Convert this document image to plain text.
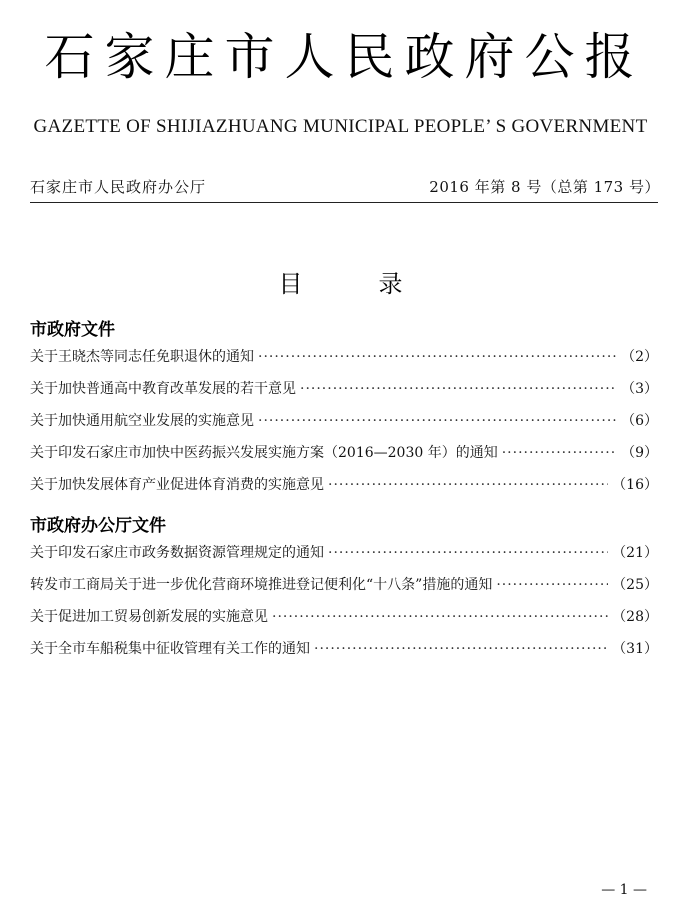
石家庄市人民政府公报
GAZETTE OF SHIJIAZHUANG MUNICIPAL PEOPLE’ S GOVERNMENT
石家庄市人民政府办公厅	2016 年第 8 号（总第 173 号）
目	录
市政府文件
关于王晓杰等同志任免职退休的通知 ·····	（2）
关于加快普通高中教育改革发展的若干意见 ·····	（3）
关于加快通用航空业发展的实施意见 ·····	（6）
关于印发石家庄市加快中医药振兴发展实施方案（2016—2030 年）的通知 ·····	（9）
关于加快发展体育产业促进体育消费的实施意见 ·····	（16）
市政府办公厅文件
关于印发石家庄市政务数据资源管理规定的通知 ·····	（21）
转发市工商局关于进一步优化营商环境推进登记便利化“十八条”措施的通知 ·····	（25）
关于促进加工贸易创新发展的实施意见 ·····	（28）
关于全市车船税集中征收管理有关工作的通知 ·····	（31）
— 1 —
